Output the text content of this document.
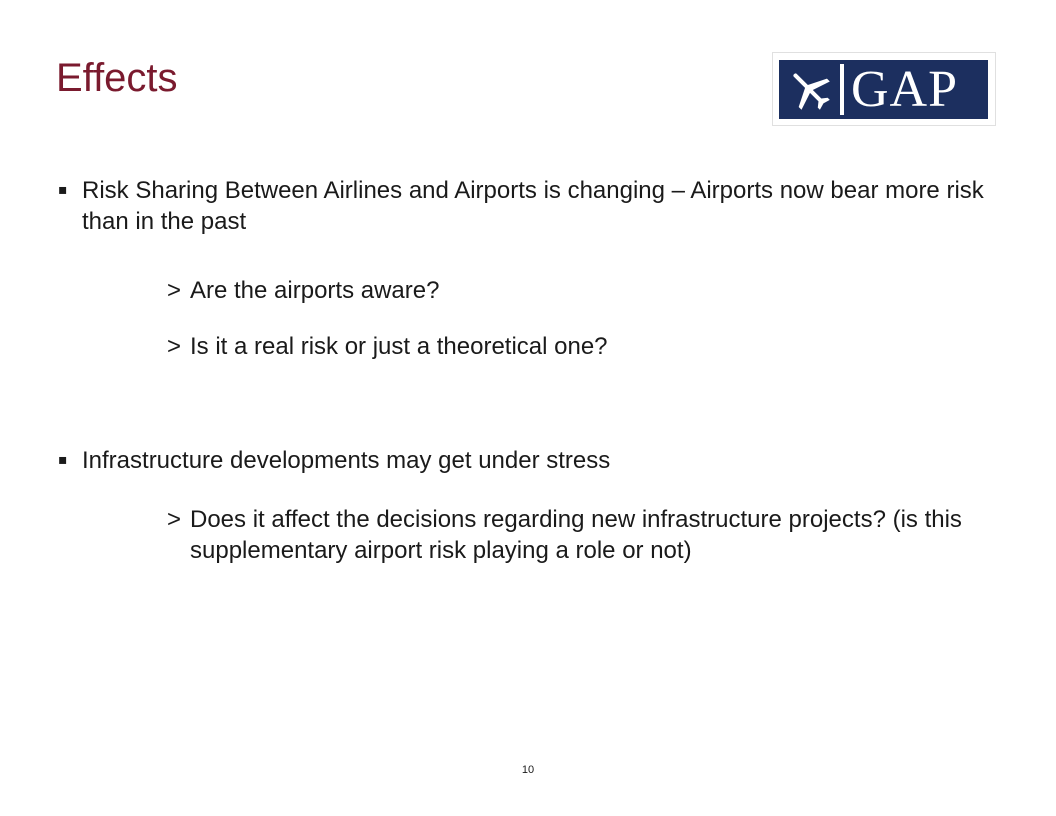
Effects	GAP
▪ Risk Sharing Between Airlines and Airports is changing – Airports now bear more risk than in the past
> Are the airports aware?
> Is it a real risk or just a theoretical one?
▪ Infrastructure developments may get under stress
> Does it affect the decisions regarding new infrastructure projects? (is this supplementary airport risk playing a role or not)
10
